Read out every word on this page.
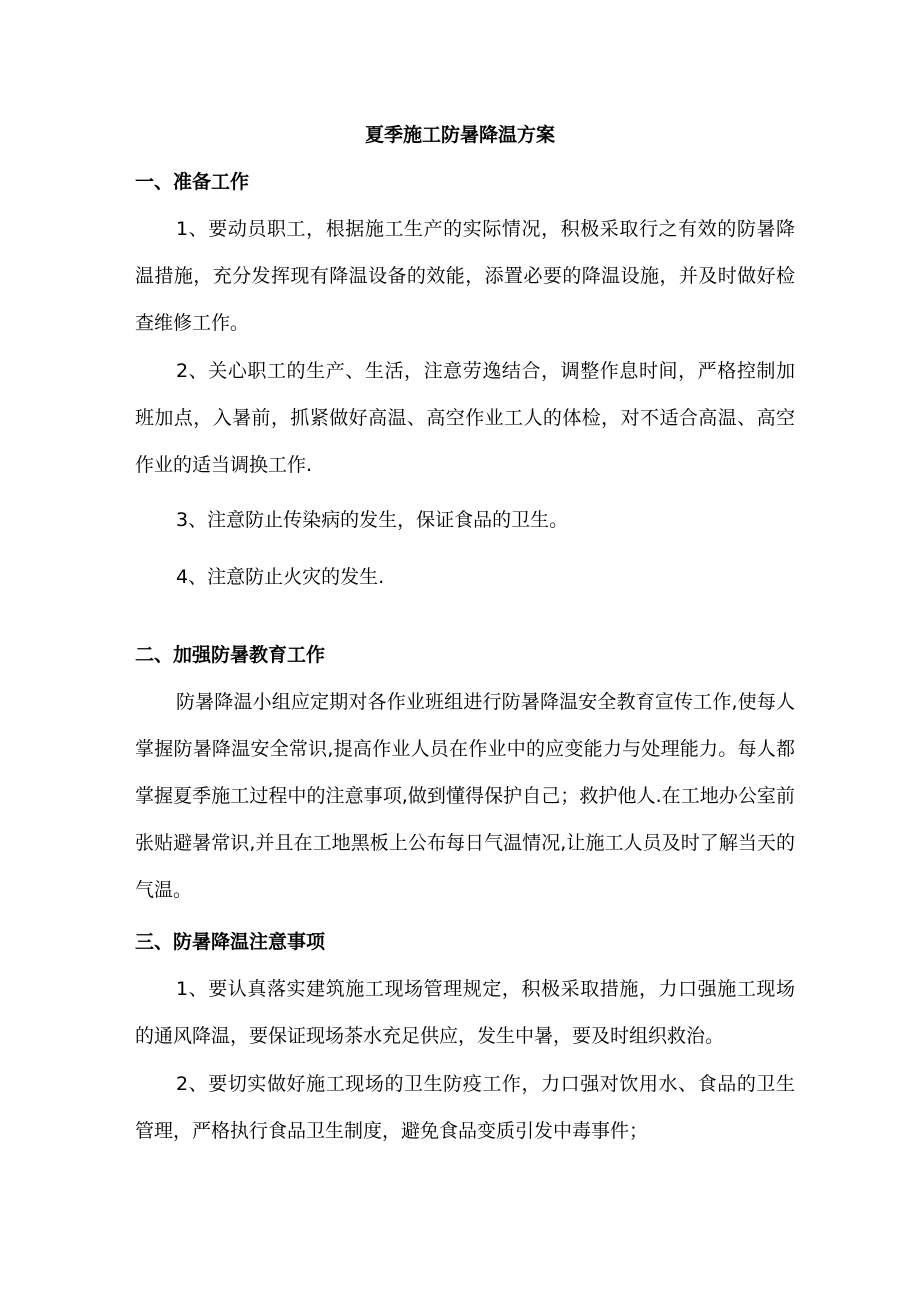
夏季施工防暑降温方案
一、准备工作

1、要动员职工，根据施工生产的实际情况，积极采取行之有效的防暑降温措施，充分发挥现有降温设备的效能，添置必要的降温设施，并及时做好检查维修工作。

2、关心职工的生产、生活，注意劳逸结合，调整作息时间，严格控制加班加点，入暑前，抓紧做好高温、高空作业工人的体检，对不适合高温、高空作业的适当调换工作.

3、注意防止传染病的发生，保证食品的卫生。

4、注意防止火灾的发生.

二、加强防暑教育工作

防暑降温小组应定期对各作业班组进行防暑降温安全教育宣传工作,使每人掌握防暑降温安全常识,提高作业人员在作业中的应变能力与处理能力。每人都掌握夏季施工过程中的注意事项,做到懂得保护自己；救护他人.在工地办公室前张贴避暑常识,并且在工地黑板上公布每日气温情况,让施工人员及时了解当天的气温。

三、防暑降温注意事项

1、要认真落实建筑施工现场管理规定，积极采取措施，力口强施工现场的通风降温，要保证现场茶水充足供应，发生中暑，要及时组织救治。

2、要切实做好施工现场的卫生防疫工作，力口强对饮用水、食品的卫生管理，严格执行食品卫生制度，避免食品变质引发中毒事件；
